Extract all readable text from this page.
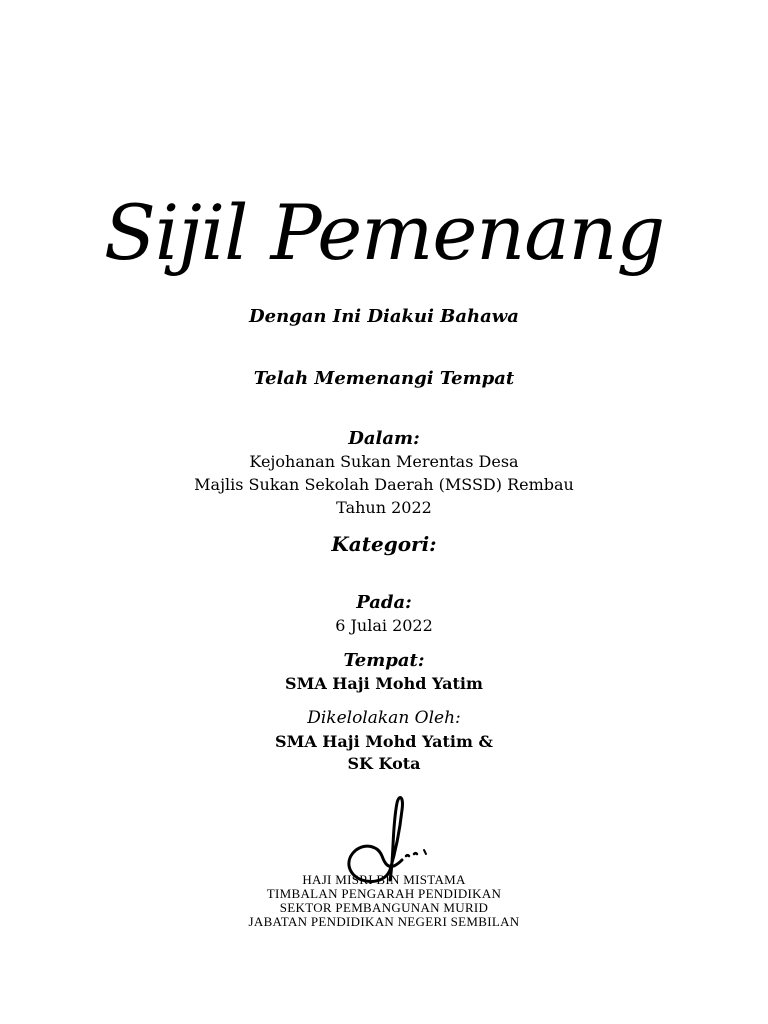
Sijil Pemenang
Dengan Ini Diakui Bahawa
Telah Memenangi Tempat
Dalam:
Kejohanan Sukan Merentas Desa
Majlis Sukan Sekolah Daerah (MSSD) Rembau
Tahun 2022
Kategori:
Pada:
6 Julai 2022
Tempat:
SMA Haji Mohd Yatim
Dikelolakan Oleh:
SMA Haji Mohd Yatim &
SK Kota
HAJI MISRI BIN MISTAMA
TIMBALAN PENGARAH PENDIDIKAN
SEKTOR PEMBANGUNAN MURID
JABATAN PENDIDIKAN NEGERI SEMBILAN
